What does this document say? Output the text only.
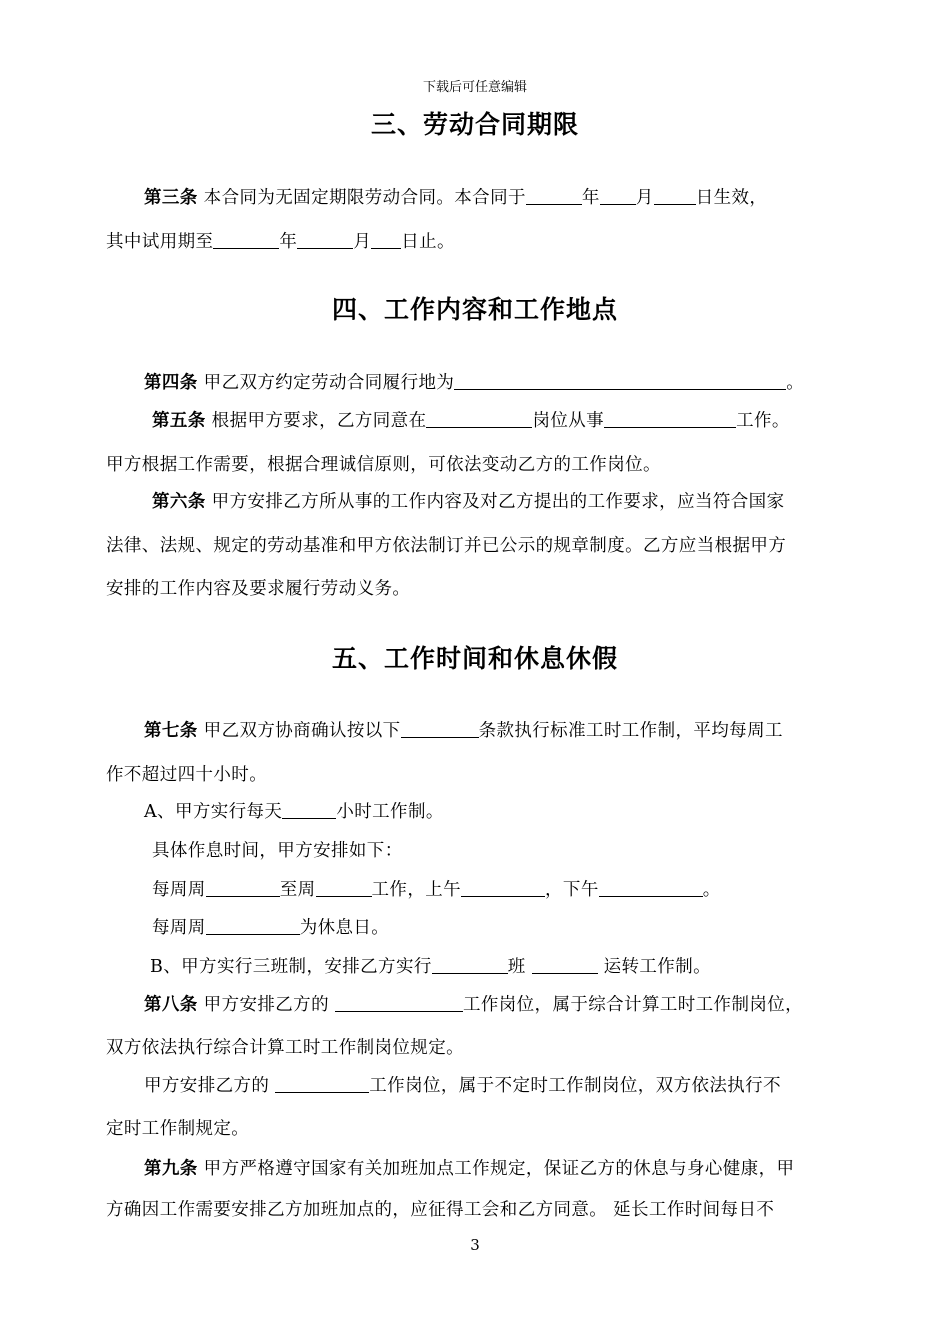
下载后可任意编辑
三、劳动合同期限
第三条 本合同为无固定期限劳动合同。本合同于	年 月 日生效，
其中试用期至	年	月 日止。
四、工作内容和工作地点
第四条 甲乙双方约定劳动合同履行地为	。
第五条 根据甲方要求，乙方同意在	岗位从事	工作。
甲方根据工作需要，根据合理诚信原则，可依法变动乙方的工作岗位。
第六条 甲方安排乙方所从事的工作内容及对乙方提出的工作要求，应当符合国家
法律、法规、规定的劳动基准和甲方依法制订并已公示的规章制度。乙方应当根据甲方
安排的工作内容及要求履行劳动义务。
五、工作时间和休息休假
第七条 甲乙双方协商确认按以下	条款执行标准工时工作制，平均每周工
作不超过四十小时。
A、甲方实行每天	小时工作制。
具体作息时间，甲方安排如下：
每周周	至周	工作，上午	，下午	。
每周周	为休息日。
B、甲方实行三班制，安排乙方实行	班	运转工作制。
第八条 甲方安排乙方的	工作岗位，属于综合计算工时工作制岗位，
双方依法执行综合计算工时工作制岗位规定。
甲方安排乙方的	工作岗位，属于不定时工作制岗位，双方依法执行不
定时工作制规定。
第九条 甲方严格遵守国家有关加班加点工作规定，保证乙方的休息与身心健康，甲
方确因工作需要安排乙方加班加点的，应征得工会和乙方同意。 延长工作时间每日不
3
